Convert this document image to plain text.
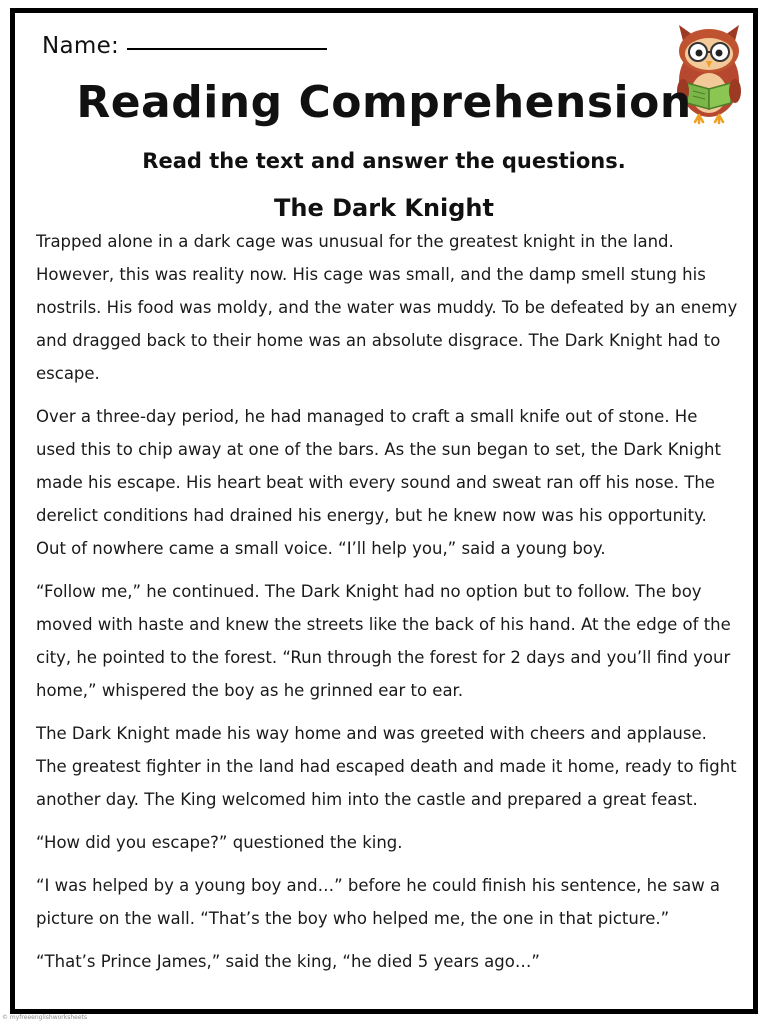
Name:
Reading Comprehension
Read the text and answer the questions.
The Dark Knight

Trapped alone in a dark cage was unusual for the greatest knight in the land. However, this was reality now. His cage was small, and the damp smell stung his nostrils. His food was moldy, and the water was muddy. To be defeated by an enemy and dragged back to their home was an absolute disgrace. The Dark Knight had to escape.

Over a three-day period, he had managed to craft a small knife out of stone. He used this to chip away at one of the bars. As the sun began to set, the Dark Knight made his escape. His heart beat with every sound and sweat ran off his nose. The derelict conditions had drained his energy, but he knew now was his opportunity. Out of nowhere came a small voice. “I’ll help you,” said a young boy.

“Follow me,” he continued. The Dark Knight had no option but to follow. The boy moved with haste and knew the streets like the back of his hand. At the edge of the city, he pointed to the forest. “Run through the forest for 2 days and you’ll find your home,” whispered the boy as he grinned ear to ear.

The Dark Knight made his way home and was greeted with cheers and applause. The greatest fighter in the land had escaped death and made it home, ready to fight another day. The King welcomed him into the castle and prepared a great feast.

“How did you escape?” questioned the king.

“I was helped by a young boy and…” before he could finish his sentence, he saw a picture on the wall. “That’s the boy who helped me, the one in that picture.”

“That’s Prince James,” said the king, “he died 5 years ago…”

© myfreeenglishworksheets
